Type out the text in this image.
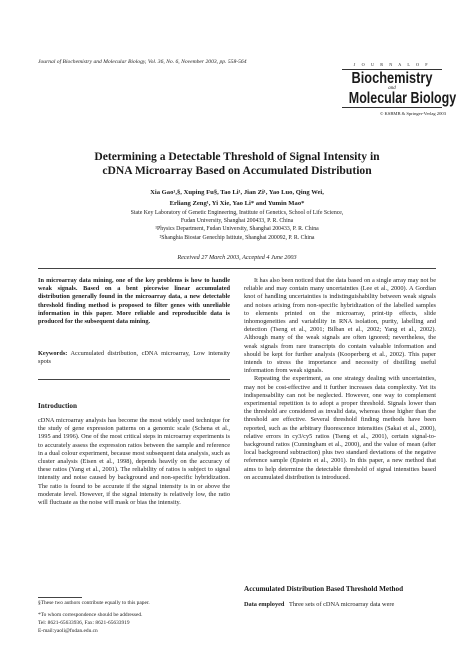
Journal of Biochemistry and Molecular Biology, Vol. 36, No. 6, November 2003, pp. 558-564	J O U R N A L O F
Biochemistry
and
Molecular Biology
© KSBMB & Springer-Verlag 2003
Determining a Detectable Threshold of Signal Intensity in
cDNA Microarray Based on Accumulated Distribution
Xia Gao¹,§, Xuping Fu§, Tao Li¹, Jian Zi¹, Yao Luo, Qing Wei,
Erliang Zeng¹, Yi Xie, Yao Li* and Yumin Mao*
State Key Laboratory of Genetic Engineering, Institute of Genetics, School of Life Science,
Fudan University, Shanghai 200433, P. R. China
¹Physics Department, Fudan University, Shanghai 200433, P. R. China
²Shanghia Biostar Genechip Istitute, Shanghai 200092, P. R. China
Received 27 March 2003, Accepted 4 June 2003

In microarray data mining, one of the key problems is how to handle weak signals. Based on a bent piecewise linear accumulated distribution generally found in the microarray data, a new detectable threshold finding method is proposed to filter genes with unreliable information in this paper. More reliable and reproducible data is produced for the subsequent data mining.

Keywords: Accumulated distribution, cDNA microarray, Low intensity spots

Introduction

cDNA microarray analysis has become the most widely used technique for the study of gene expression patterns on a genomic scale (Schena et al., 1995 and 1996). One of the most critical steps in microarray experiments is to accurately assess the expression ratios between the sample and reference in a dual colour experiment, because most subsequent data analysis, such as cluster analysis (Eisen et al., 1998), depends heavily on the accuracy of these ratios (Yang et al., 2001). The reliability of ratios is subject to signal intensity and noise caused by background and non-specific hybridization. The ratio is found to be accurate if the signal intensity is in or above the moderate level. However, if the signal intensity is relatively low, the ratio will fluctuate as the noise will mask or bias the intensity.

§These two authors contribute equally to this paper.

*To whom correspondence should be addressed.

Tel: 8621-65633936, Fax: 8621-65633919

E-mail:yaoli@fudan.edu.cn

It has also been noticed that the data based on a single array may not be reliable and may contain many uncertainties (Lee et al., 2000). A Gordian knot of handling uncertainties is indistinguishability between weak signals and noises arising from non-specific hybridization of the labelled samples to elements printed on the microarray, print-tip effects, slide inhomogeneities and variability in RNA isolation, purity, labelling and detection (Tseng et al., 2001; Bilban et al., 2002; Yang et al., 2002). Although many of the weak signals are often ignored; nevertheless, the weak signals from rare transcripts do contain valuable information and should be kept for further analysis (Kooperberg et al., 2002). This paper intends to stress the importance and necessity of distilling useful information from weak signals.

Repeating the experiment, as one strategy dealing with uncertainties, may not be cost-effective and it further increases data complexity. Yet its indispensability can not be neglected. However, one way to complement experimental repetition is to adopt a proper threshold. Signals lower than the threshold are considered as invalid data, whereas those higher than the threshold are effective. Several threshold finding methods have been reported, such as the arbitrary fluorescence intensities (Sakai et al., 2000), relative errors in cy3/cy5 ratios (Tseng et al., 2001), certain signal-to-background ratios (Cunningham et al., 2000), and the value of mean (after local background subtraction) plus two standard deviations of the negative reference sample (Epstein et al., 2001). In this paper, a new method that aims to help determine the detectable threshold of signal intensities based on accumulated distribution is introduced.

Accumulated Distribution Based Threshold Method
Data employed Three sets of cDNA microarray data were
